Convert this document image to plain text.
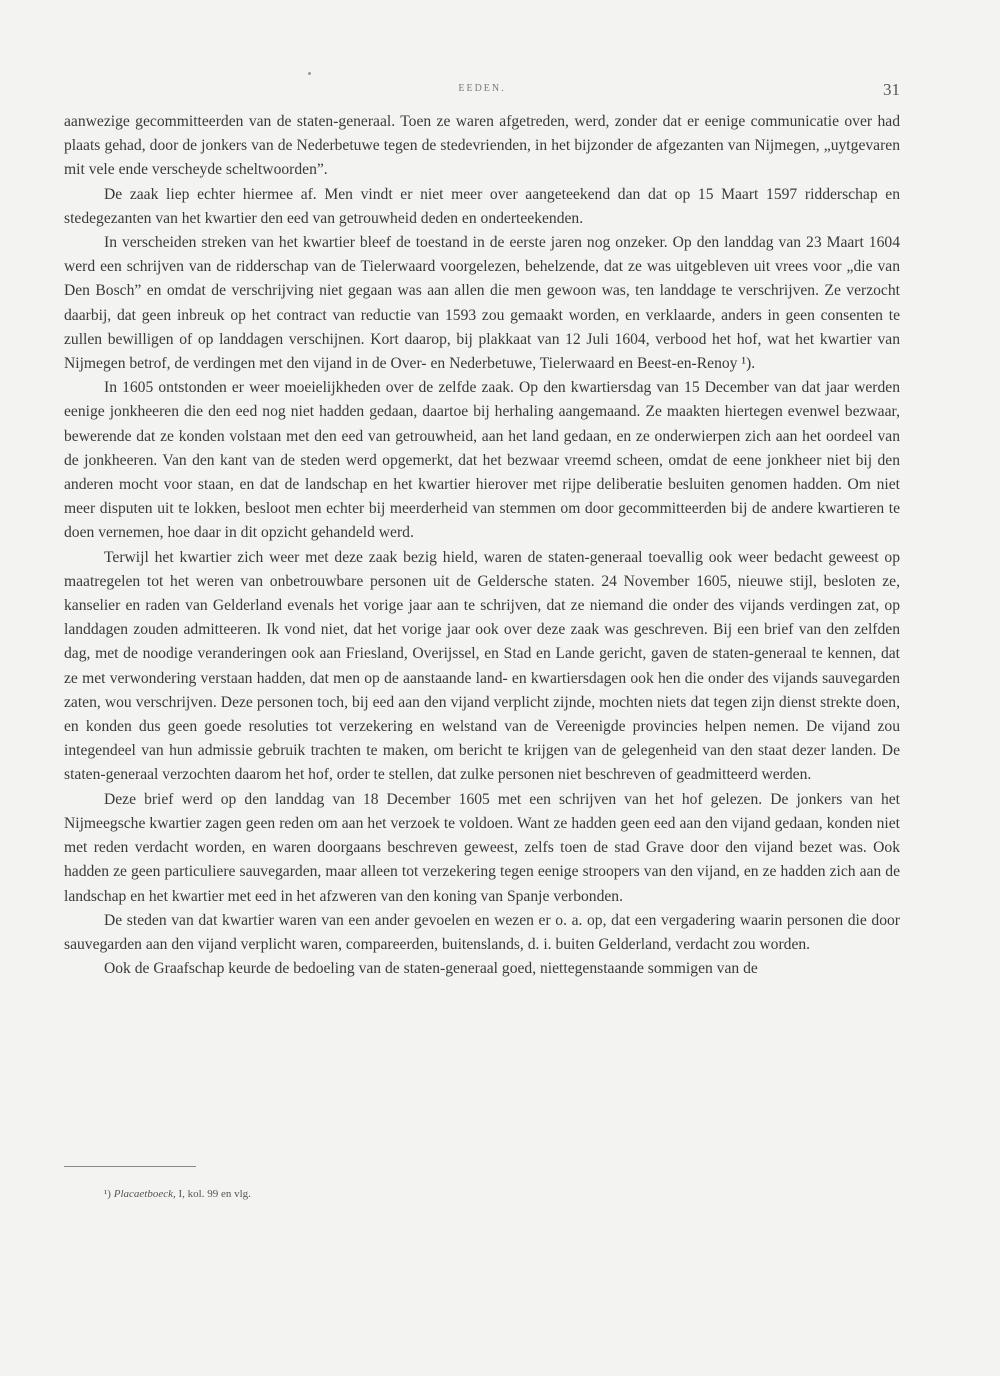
EEDEN.	31

aanwezige gecommitteerden van de staten-generaal. Toen ze waren afgetreden, werd, zonder dat er eenige communicatie over had plaats gehad, door de jonkers van de Nederbetuwe tegen de stedevrienden, in het bijzonder de afgezanten van Nijmegen, „uytgevaren mit vele ende verscheyde scheltwoorden”.

De zaak liep echter hiermee af. Men vindt er niet meer over aangeteekend dan dat op 15 Maart 1597 ridderschap en stedegezanten van het kwartier den eed van getrouwheid deden en onderteekenden.

In verscheiden streken van het kwartier bleef de toestand in de eerste jaren nog onzeker. Op den landdag van 23 Maart 1604 werd een schrijven van de ridderschap van de Tielerwaard voorgelezen, behelzende, dat ze was uitgebleven uit vrees voor „die van Den Bosch” en omdat de verschrijving niet gegaan was aan allen die men gewoon was, ten landdage te verschrijven. Ze verzocht daarbij, dat geen inbreuk op het contract van reductie van 1593 zou gemaakt worden, en verklaarde, anders in geen consenten te zullen bewilligen of op landdagen verschijnen. Kort daarop, bij plakkaat van 12 Juli 1604, verbood het hof, wat het kwartier van Nijmegen betrof, de verdingen met den vijand in de Over- en Nederbetuwe, Tielerwaard en Beest-en-Renoy ¹).

In 1605 ontstonden er weer moeielijkheden over de zelfde zaak. Op den kwartiersdag van 15 December van dat jaar werden eenige jonkheeren die den eed nog niet hadden gedaan, daartoe bij herhaling aangemaand. Ze maakten hiertegen evenwel bezwaar, bewerende dat ze konden volstaan met den eed van getrouwheid, aan het land gedaan, en ze onderwierpen zich aan het oordeel van de jonkheeren. Van den kant van de steden werd opgemerkt, dat het bezwaar vreemd scheen, omdat de eene jonkheer niet bij den anderen mocht voor staan, en dat de landschap en het kwartier hierover met rijpe deliberatie besluiten genomen hadden. Om niet meer disputen uit te lokken, besloot men echter bij meerderheid van stemmen om door gecommitteerden bij de andere kwartieren te doen vernemen, hoe daar in dit opzicht gehandeld werd.

Terwijl het kwartier zich weer met deze zaak bezig hield, waren de staten-generaal toevallig ook weer bedacht geweest op maatregelen tot het weren van onbetrouwbare personen uit de Geldersche staten. 24 November 1605, nieuwe stijl, besloten ze, kanselier en raden van Gelderland evenals het vorige jaar aan te schrijven, dat ze niemand die onder des vijands verdingen zat, op landdagen zouden admitteeren. Ik vond niet, dat het vorige jaar ook over deze zaak was geschreven. Bij een brief van den zelfden dag, met de noodige veranderingen ook aan Friesland, Overijssel, en Stad en Lande gericht, gaven de staten-generaal te kennen, dat ze met verwondering verstaan hadden, dat men op de aanstaande land- en kwartiersdagen ook hen die onder des vijands sauvegarden zaten, wou verschrijven. Deze personen toch, bij eed aan den vijand verplicht zijnde, mochten niets dat tegen zijn dienst strekte doen, en konden dus geen goede resoluties tot verzekering en welstand van de Vereenigde provincies helpen nemen. De vijand zou integendeel van hun admissie gebruik trachten te maken, om bericht te krijgen van de gelegenheid van den staat dezer landen. De staten-generaal verzochten daarom het hof, order te stellen, dat zulke personen niet beschreven of geadmitteerd werden.

Deze brief werd op den landdag van 18 December 1605 met een schrijven van het hof gelezen. De jonkers van het Nijmeegsche kwartier zagen geen reden om aan het verzoek te voldoen. Want ze hadden geen eed aan den vijand gedaan, konden niet met reden verdacht worden, en waren doorgaans beschreven geweest, zelfs toen de stad Grave door den vijand bezet was. Ook hadden ze geen particuliere sauvegarden, maar alleen tot verzekering tegen eenige stroopers van den vijand, en ze hadden zich aan de landschap en het kwartier met eed in het afzweren van den koning van Spanje verbonden.

De steden van dat kwartier waren van een ander gevoelen en wezen er o. a. op, dat een vergadering waarin personen die door sauvegarden aan den vijand verplicht waren, compareerden, buitenslands, d. i. buiten Gelderland, verdacht zou worden.

Ook de Graafschap keurde de bedoeling van de staten-generaal goed, niettegenstaande sommigen van de

¹) Placaetboeck, I, kol. 99 en vlg.
